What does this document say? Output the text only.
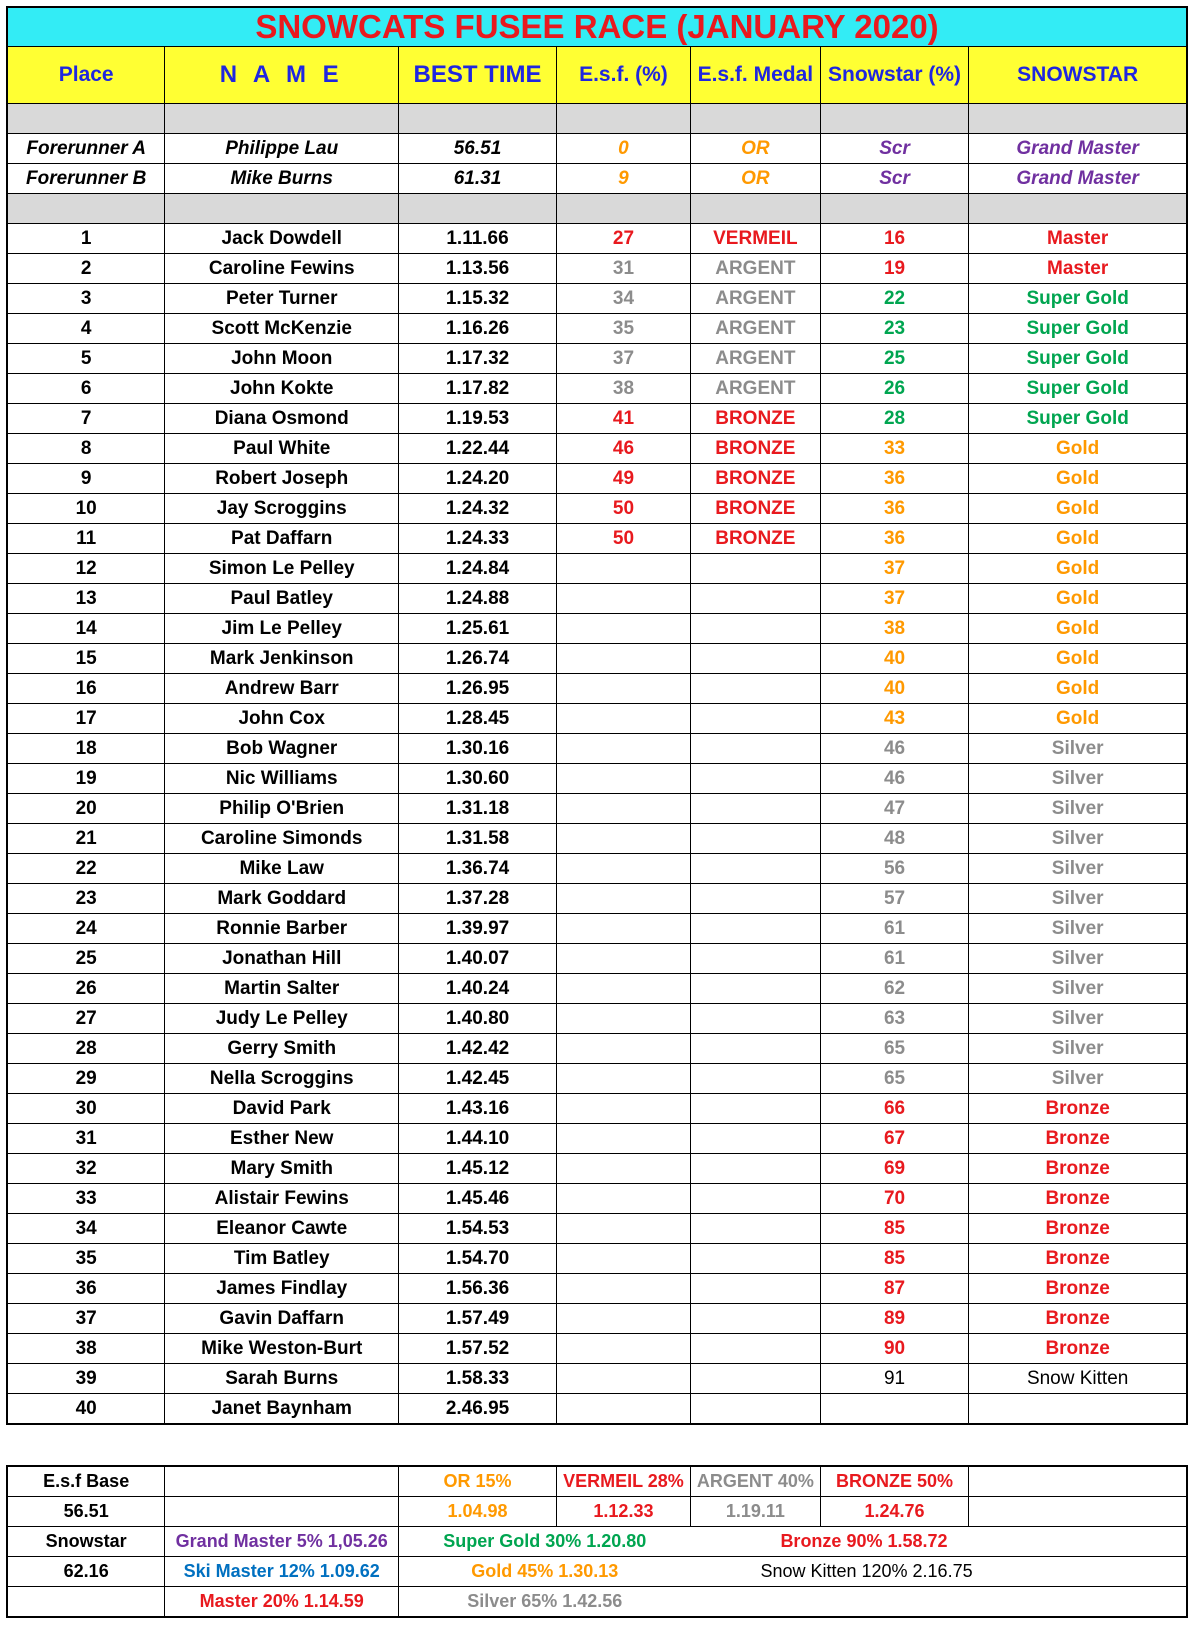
SNOWCATS FUSEE RACE (JANUARY 2020)						
Place	N A M E	BEST TIME	E.s.f. (%)	E.s.f. Medal	Snowstar (%)	SNOWSTAR

Forerunner A	Philippe Lau	56.51	0	OR	Scr	Grand Master
Forerunner B	Mike Burns	61.31	9	OR	Scr	Grand Master

1	Jack Dowdell	1.11.66	27	VERMEIL	16	Master
2	Caroline Fewins	1.13.56	31	ARGENT	19	Master
3	Peter Turner	1.15.32	34	ARGENT	22	Super Gold
4	Scott McKenzie	1.16.26	35	ARGENT	23	Super Gold
5	John Moon	1.17.32	37	ARGENT	25	Super Gold
6	John Kokte	1.17.82	38	ARGENT	26	Super Gold
7	Diana Osmond	1.19.53	41	BRONZE	28	Super Gold
8	Paul White	1.22.44	46	BRONZE	33	Gold
9	Robert Joseph	1.24.20	49	BRONZE	36	Gold
10	Jay Scroggins	1.24.32	50	BRONZE	36	Gold
11	Pat Daffarn	1.24.33	50	BRONZE	36	Gold
12	Simon Le Pelley	1.24.84			37	Gold
13	Paul Batley	1.24.88			37	Gold
14	Jim Le Pelley	1.25.61			38	Gold
15	Mark Jenkinson	1.26.74			40	Gold
16	Andrew Barr	1.26.95			40	Gold
17	John Cox	1.28.45			43	Gold
18	Bob Wagner	1.30.16			46	Silver
19	Nic Williams	1.30.60			46	Silver
20	Philip O'Brien	1.31.18			47	Silver
21	Caroline Simonds	1.31.58			48	Silver
22	Mike Law	1.36.74			56	Silver
23	Mark Goddard	1.37.28			57	Silver
24	Ronnie Barber	1.39.97			61	Silver
25	Jonathan Hill	1.40.07			61	Silver
26	Martin Salter	1.40.24			62	Silver
27	Judy Le Pelley	1.40.80			63	Silver
28	Gerry Smith	1.42.42			65	Silver
29	Nella Scroggins	1.42.45			65	Silver
30	David Park	1.43.16			66	Bronze
31	Esther New	1.44.10			67	Bronze
32	Mary Smith	1.45.12			69	Bronze
33	Alistair Fewins	1.45.46			70	Bronze
34	Eleanor Cawte	1.54.53			85	Bronze
35	Tim Batley	1.54.70			85	Bronze
36	James Findlay	1.56.36			87	Bronze
37	Gavin Daffarn	1.57.49			89	Bronze
38	Mike Weston-Burt	1.57.52			90	Bronze
39	Sarah Burns	1.58.33			91	Snow Kitten
40	Janet Baynham	2.46.95				
E.s.f Base		OR 15%	VERMEIL 28%	ARGENT 40%	BRONZE 50%	
56.51		1.04.98	1.12.33	1.19.11	1.24.76	
Snowstar	Grand Master 5% 1,05.26	Super Gold 30% 1.20.80		Bronze 90% 1.58.72		
62.16	Ski Master 12% 1.09.62	Gold 45% 1.30.13		Snow Kitten 120% 2.16.75		
	Master 20% 1.14.59	Silver 65% 1.42.56				
